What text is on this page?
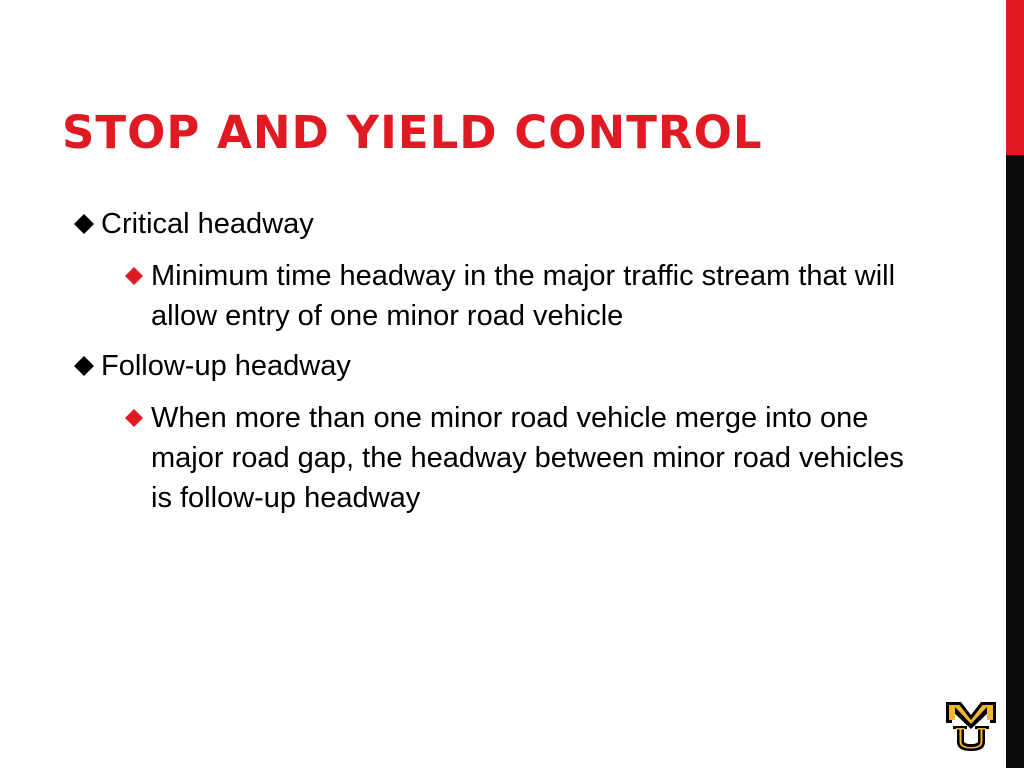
STOP AND YIELD CONTROL
Critical headway
Minimum time headway in the major traffic stream that will allow entry of one minor road vehicle
Follow-up headway
When more than one minor road vehicle merge into one major road gap, the headway between minor road vehicles is follow-up headway
